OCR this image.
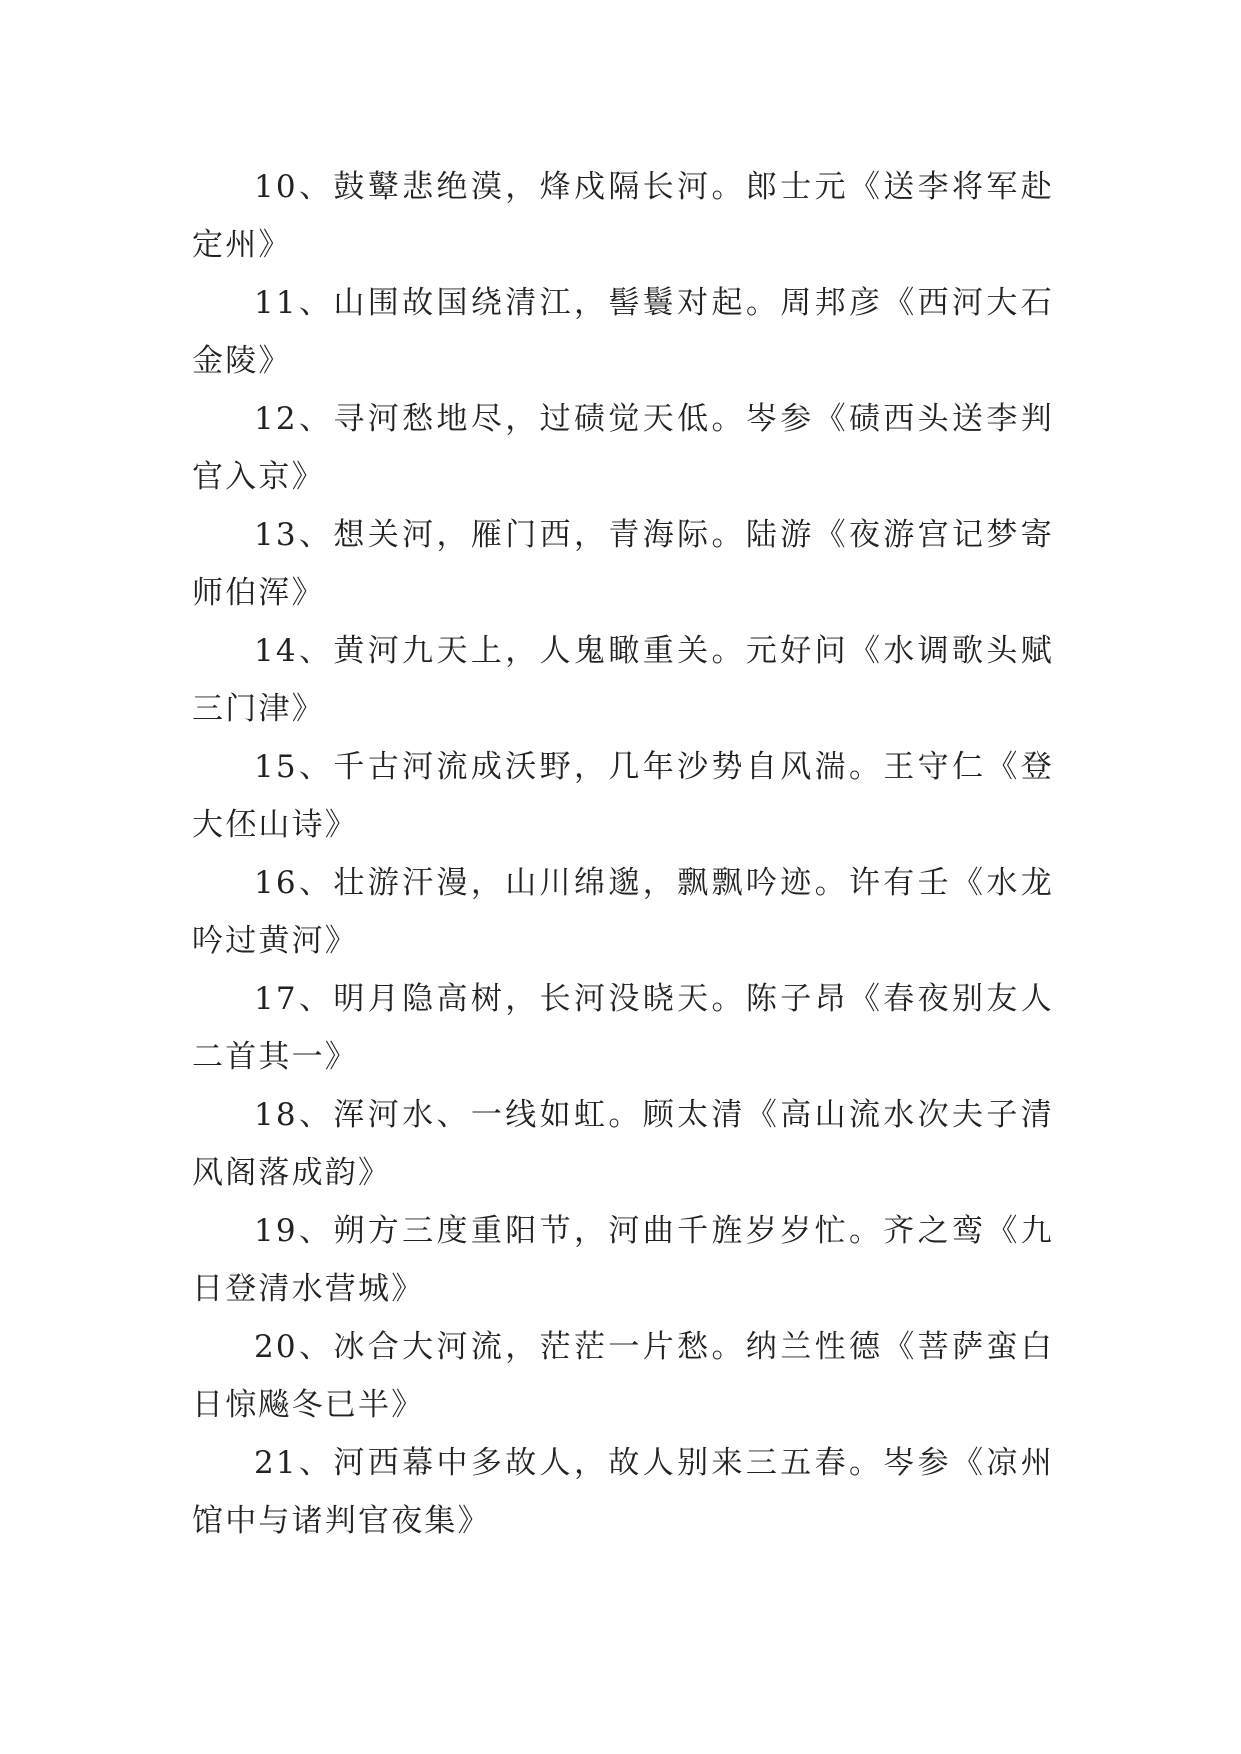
10、鼓鼙悲绝漠，烽戍隔长河。郎士元《送李将军赴定州》

11、山围故国绕清江，髻鬟对起。周邦彦《西河大石金陵》

12、寻河愁地尽，过碛觉天低。岑参《碛西头送李判官入京》

13、想关河，雁门西，青海际。陆游《夜游宫记梦寄师伯浑》

14、黄河九天上，人鬼瞰重关。元好问《水调歌头赋三门津》

15、千古河流成沃野，几年沙势自风湍。王守仁《登大伾山诗》

16、壮游汗漫，山川绵邈，飘飘吟迹。许有壬《水龙吟过黄河》

17、明月隐高树，长河没晓天。陈子昂《春夜别友人二首其一》

18、浑河水、一线如虹。顾太清《高山流水次夫子清风阁落成韵》

19、朔方三度重阳节，河曲千旌岁岁忙。齐之鸾《九日登清水营城》

20、冰合大河流，茫茫一片愁。纳兰性德《菩萨蛮白日惊飚冬已半》

21、河西幕中多故人，故人别来三五春。岑参《凉州馆中与诸判官夜集》
